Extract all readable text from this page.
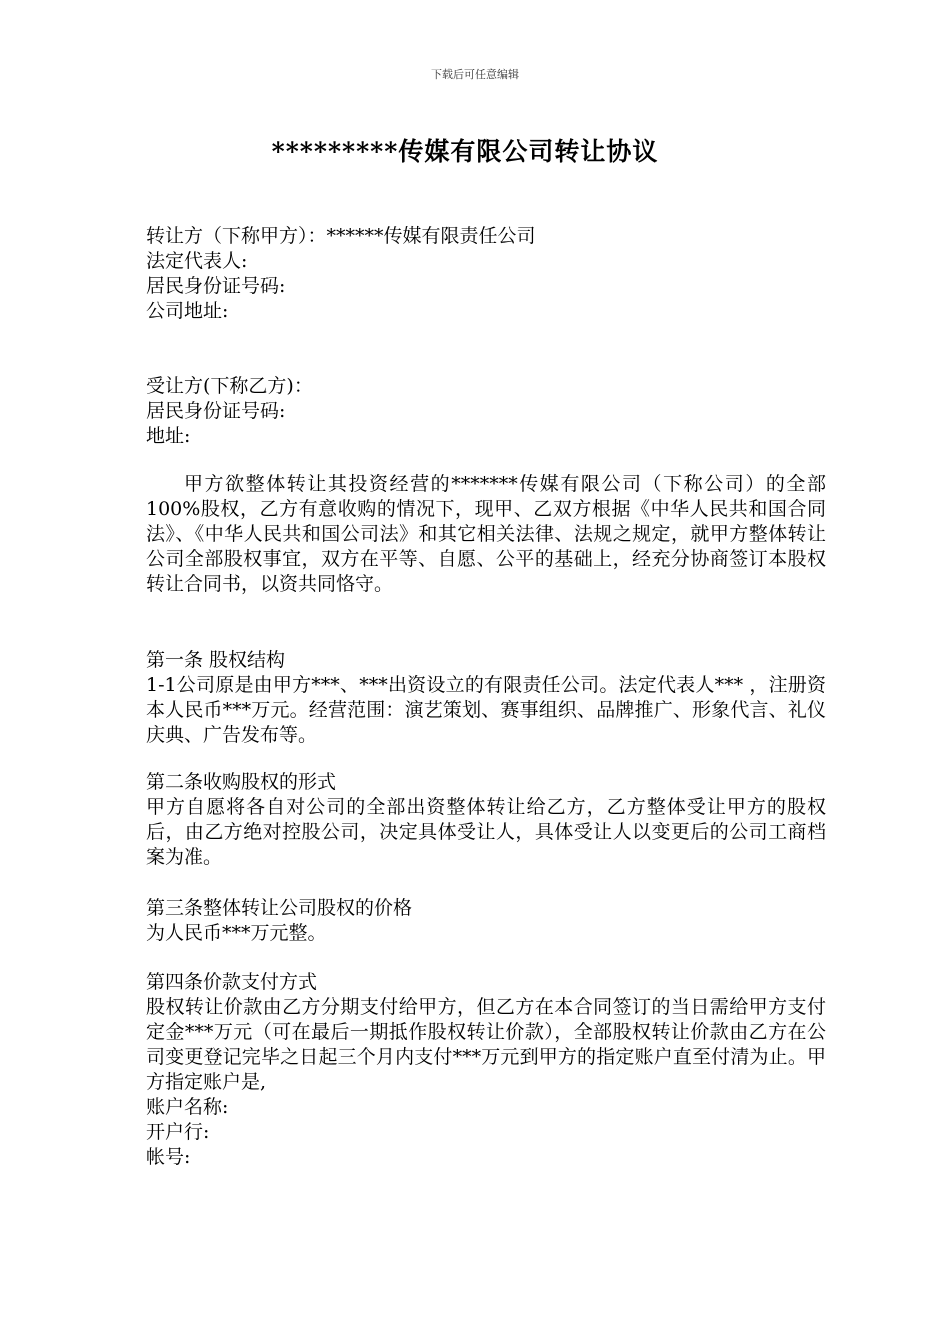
下载后可任意编辑
*********传媒有限公司转让协议
转让方（下称甲方）：******传媒有限责任公司
法定代表人:
居民身份证号码:
公司地址:
受让方(下称乙方)：
居民身份证号码:
地址:
甲方欲整体转让其投资经营的*******传媒有限公司（下称公司）的全部100%股权，乙方有意收购的情况下，现甲、乙双方根据《中华人民共和国合同法》、《中华人民共和国公司法》和其它相关法律、法规之规定，就甲方整体转让公司全部股权事宜，双方在平等、自愿、公平的基础上，经充分协商签订本股权转让合同书，以资共同恪守。
第一条 股权结构
1-1公司原是由甲方***、***出资设立的有限责任公司。法定代表人*** ，注册资本人民币***万元。经营范围：演艺策划、赛事组织、品牌推广、形象代言、礼仪庆典、广告发布等。
第二条收购股权的形式
甲方自愿将各自对公司的全部出资整体转让给乙方，乙方整体受让甲方的股权后，由乙方绝对控股公司，决定具体受让人，具体受让人以变更后的公司工商档案为准。
第三条整体转让公司股权的价格
为人民币***万元整。
第四条价款支付方式
股权转让价款由乙方分期支付给甲方，但乙方在本合同签订的当日需给甲方支付定金***万元（可在最后一期抵作股权转让价款），全部股权转让价款由乙方在公司变更登记完毕之日起三个月内支付***万元到甲方的指定账户直至付清为止。甲方指定账户是,
账户名称:
开户行:
帐号:
